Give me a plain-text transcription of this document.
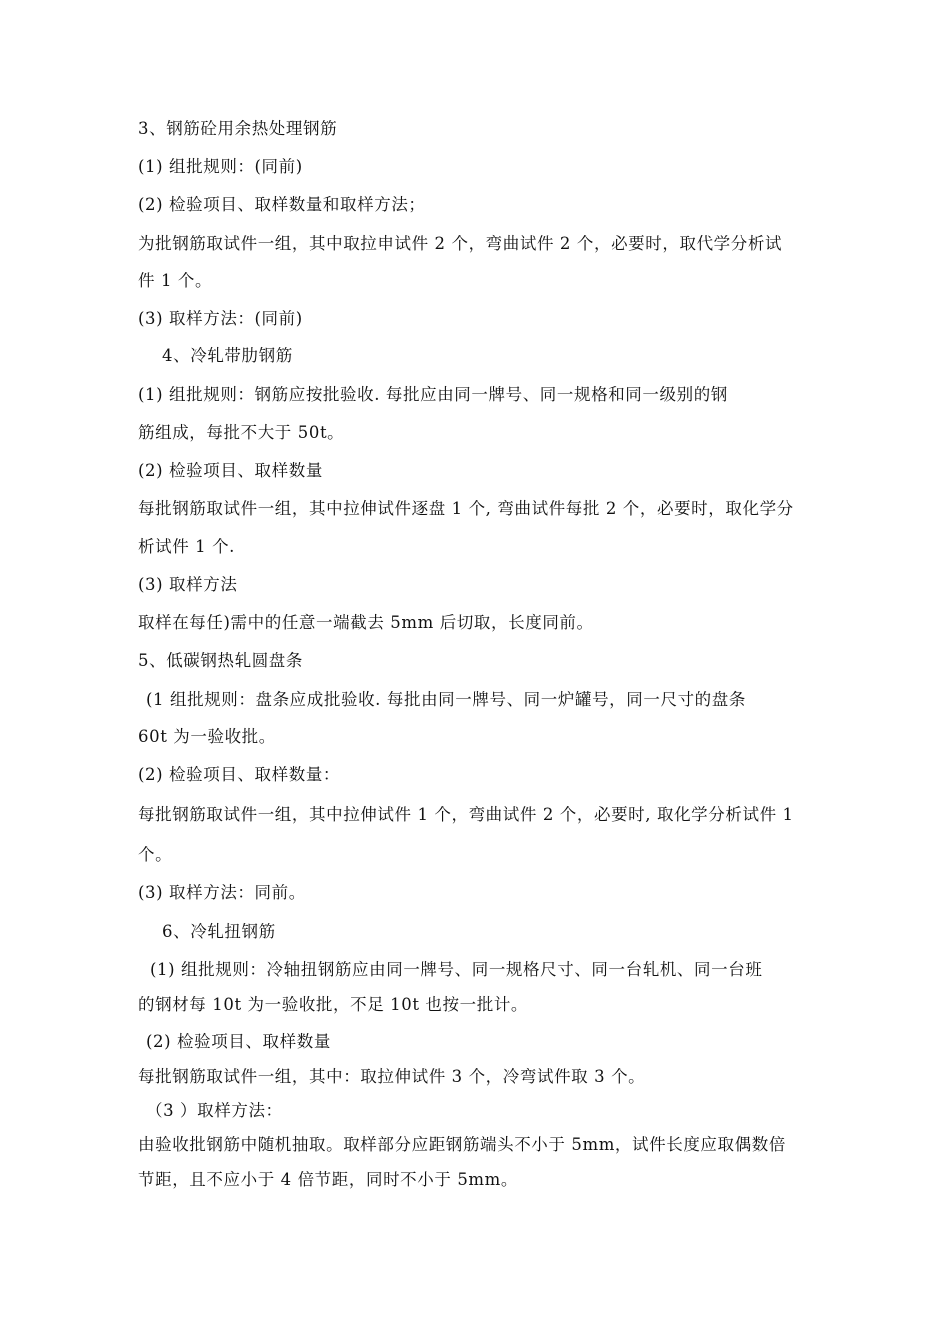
3、钢筋砼用余热处理钢筋
(1) 组批规则：(同前)
(2) 检验项目、取样数量和取样方法；
为批钢筋取试件一组，其中取拉申试件 2 个，弯曲试件 2 个，必要时，取代学分析试
件 1 个。
(3) 取样方法：(同前)
4、冷轧带肋钢筋
(1) 组批规则：钢筋应按批验收. 每批应由同一牌号、同一规格和同一级别的钢
筋组成，每批不大于 50t。
(2) 检验项目、取样数量
每批钢筋取试件一组，其中拉伸试件逐盘 1 个, 弯曲试件每批 2 个，必要时，取化学分
析试件 1 个.
(3) 取样方法
取样在每任)需中的任意一端截去 5mm 后切取，长度同前。
5、低碳钢热轧圆盘条
(1 组批规则：盘条应成批验收. 每批由同一牌号、同一炉罐号，同一尺寸的盘条
60t 为一验收批。
(2) 检验项目、取样数量：
每批钢筋取试件一组，其中拉伸试件 1 个，弯曲试件 2 个，必要时, 取化学分析试件 1
个。
(3) 取样方法：同前。
6、冷轧扭钢筋
(1) 组批规则：冷轴扭钢筋应由同一牌号、同一规格尺寸、同一台轧机、同一台班
的钢材每 10t 为一验收批，不足 10t 也按一批计。
(2) 检验项目、取样数量
每批钢筋取试件一组，其中：取拉伸试件 3 个，冷弯试件取 3 个。
（3 ）取样方法：
由验收批钢筋中随机抽取。取样部分应距钢筋端头不小于 5mm，试件长度应取偶数倍
节距，且不应小于 4 倍节距，同时不小于 5mm。
